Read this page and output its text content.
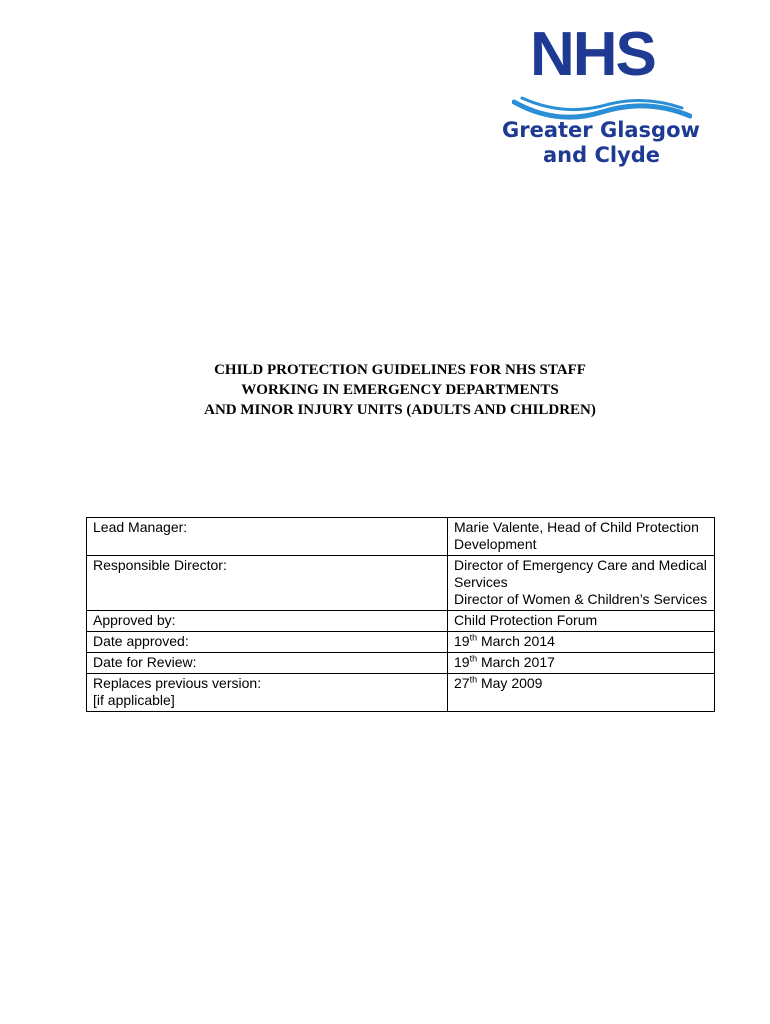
NHS
Greater Glasgow
and Clyde
CHILD PROTECTION GUIDELINES FOR NHS STAFF
WORKING IN EMERGENCY DEPARTMENTS
AND MINOR INJURY UNITS (ADULTS AND CHILDREN)
Lead Manager:	Marie Valente, Head of Child Protection Development
Responsible Director:	Director of Emergency Care and Medical Services
Director of Women & Children’s Services

Approved by:	Child Protection Forum
Date approved:	19th March 2014
Date for Review:	19th March 2017

Replaces previous version:
[if applicable]	27th May 2009
